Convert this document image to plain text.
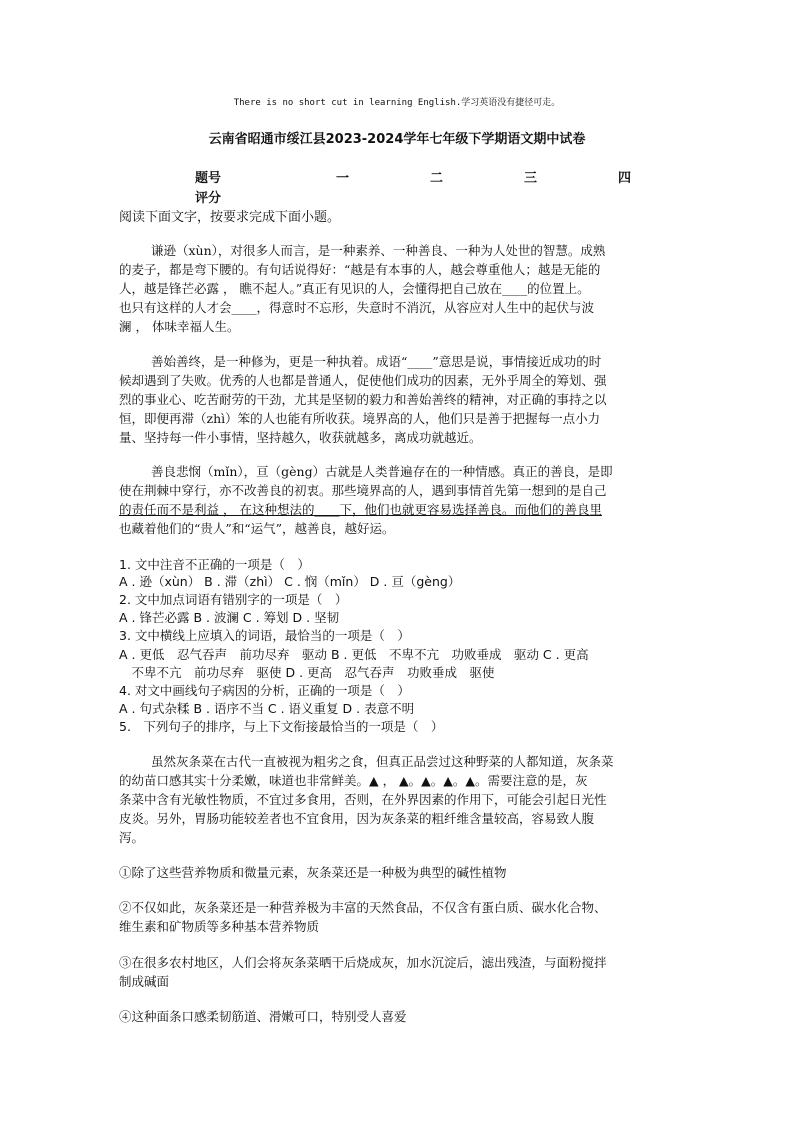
There is no short cut in learning English.学习英语没有捷径可走。
云南省昭通市绥江县2023-2024学年七年级下学期语文期中试卷
题号	一	二	三	四
评分
阅读下面文字，按要求完成下面小题。
谦逊（xùn），对很多人而言，是一种素养、一种善良、一种为人处世的智慧。成熟
的麦子，都是弯下腰的。有句话说得好：“越是有本事的人，越会尊重他人；越是无能的
人，越是锋芒必露 ， 瞧不起人。”真正有见识的人，会懂得把自己放在____的位置上。
也只有这样的人才会____，得意时不忘形，失意时不消沉，从容应对人生中的起伏与波
澜 ， 体味幸福人生。
善始善终，是一种修为，更是一种执着。成语“____”意思是说，事情接近成功的时
候却遇到了失败。优秀的人也都是普通人，促使他们成功的因素，无外乎周全的筹划、强
烈的事业心、吃苦耐劳的干劲，尤其是坚韧的毅力和善始善终的精神，对正确的事持之以
恒，即便再滞（zhì）笨的人也能有所收获。境界高的人，他们只是善于把握每一点小力
量、坚持每一件小事情，坚持越久，收获就越多，离成功就越近。
善良悲悯（mǐn），亘（gèng）古就是人类普遍存在的一种情感。真正的善良，是即
使在荆棘中穿行，亦不改善良的初衷。那些境界高的人，遇到事情首先第一想到的是自己
的责任而不是利益 ， 在这种想法的____下，他们也就更容易选择善良。而他们的善良里
也藏着他们的“贵人”和“运气”，越善良，越好运。
1. 文中注音不正确的一项是（　）
A . 逊（xùn） B . 滞（zhì） C . 悯（mǐn） D . 亘（gèng）
2. 文中加点词语有错别字的一项是（　）
A . 锋芒必露 B . 波澜 C . 筹划 D . 坚韧
3. 文中横线上应填入的词语，最恰当的一项是（　）
A . 更低　忍气吞声　前功尽弃　驱动 B . 更低　不卑不亢　功败垂成　驱动 C . 更高
　不卑不亢　前功尽弃　驱使 D . 更高　忍气吞声　功败垂成　驱使
4. 对文中画线句子病因的分析，正确的一项是（　）
A . 句式杂糅 B . 语序不当 C . 语义重复 D . 表意不明
5.　下列句子的排序，与上下文衔接最恰当的一项是（　）
虽然灰条菜在古代一直被视为粗劣之食，但真正品尝过这种野菜的人都知道，灰条菜
的幼苗口感其实十分柔嫩，味道也非常鲜美。▲ ， ▲。▲。▲。▲。需要注意的是，灰
条菜中含有光敏性物质，不宜过多食用，否则，在外界因素的作用下，可能会引起日光性
皮炎。另外，胃肠功能较差者也不宜食用，因为灰条菜的粗纤维含量较高，容易致人腹
泻。
①除了这些营养物质和微量元素，灰条菜还是一种极为典型的碱性植物
②不仅如此，灰条菜还是一种营养极为丰富的天然食品，不仅含有蛋白质、碳水化合物、
维生素和矿物质等多种基本营养物质
③在很多农村地区，人们会将灰条菜晒干后烧成灰，加水沉淀后，滤出残渣，与面粉搅拌
制成碱面
④这种面条口感柔韧筋道、滑嫩可口，特别受人喜爱
